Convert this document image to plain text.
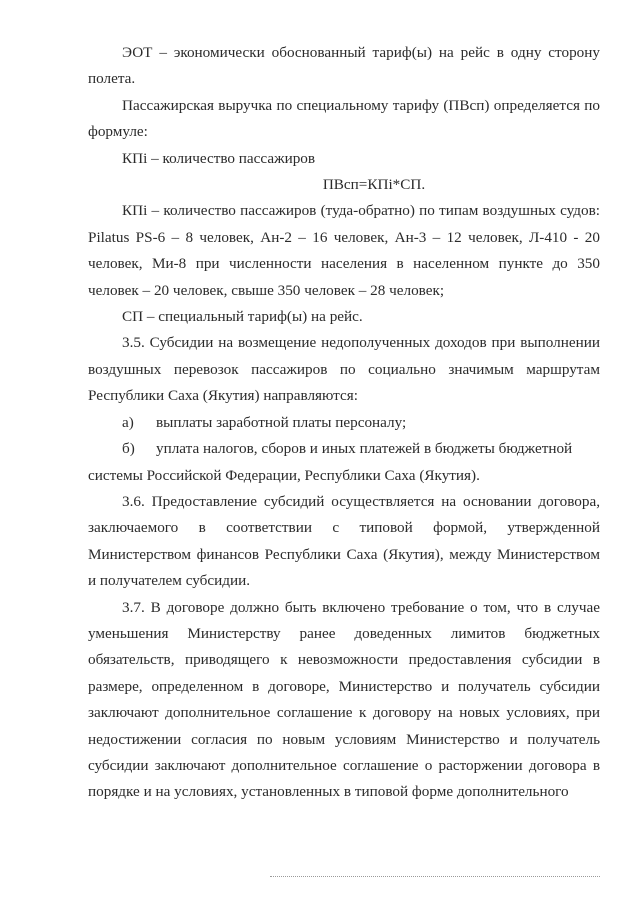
ЭОТ – экономически обоснованный тариф(ы) на рейс в одну сторону полета.

Пассажирская выручка по специальному тарифу (ПВсп) определяется по формуле:

КПi – количество пассажиров

ПВсп=КПi*СП.

КПi – количество пассажиров (туда-обратно) по типам воздушных судов: Pilatus PS-6 – 8 человек, Ан-2 – 16 человек, Ан-3 – 12 человек, Л-410 - 20 человек, Ми-8 при численности населения в населенном пункте до 350 человек – 20 человек, свыше 350 человек – 28 человек;

СП – специальный тариф(ы) на рейс.

3.5. Субсидии на возмещение недополученных доходов при выполнении воздушных перевозок пассажиров по социально значимым маршрутам Республики Саха (Якутия) направляются:

а)	выплаты заработной платы персоналу;
б)	уплата налогов, сборов и иных платежей в бюджеты бюджетной

системы Российской Федерации, Республики Саха (Якутия).

3.6. Предоставление субсидий осуществляется на основании договора, заключаемого в соответствии с типовой формой, утвержденной Министерством финансов Республики Саха (Якутия), между Министерством и получателем субсидии.

3.7. В договоре должно быть включено требование о том, что в случае уменьшения Министерству ранее доведенных лимитов бюджетных обязательств, приводящего к невозможности предоставления субсидии в размере, определенном в договоре, Министерство и получатель субсидии заключают дополнительное соглашение к договору на новых условиях, при недостижении согласия по новым условиям Министерство и получатель субсидии заключают дополнительное соглашение о расторжении договора в порядке и на условиях, установленных в типовой форме дополнительного
